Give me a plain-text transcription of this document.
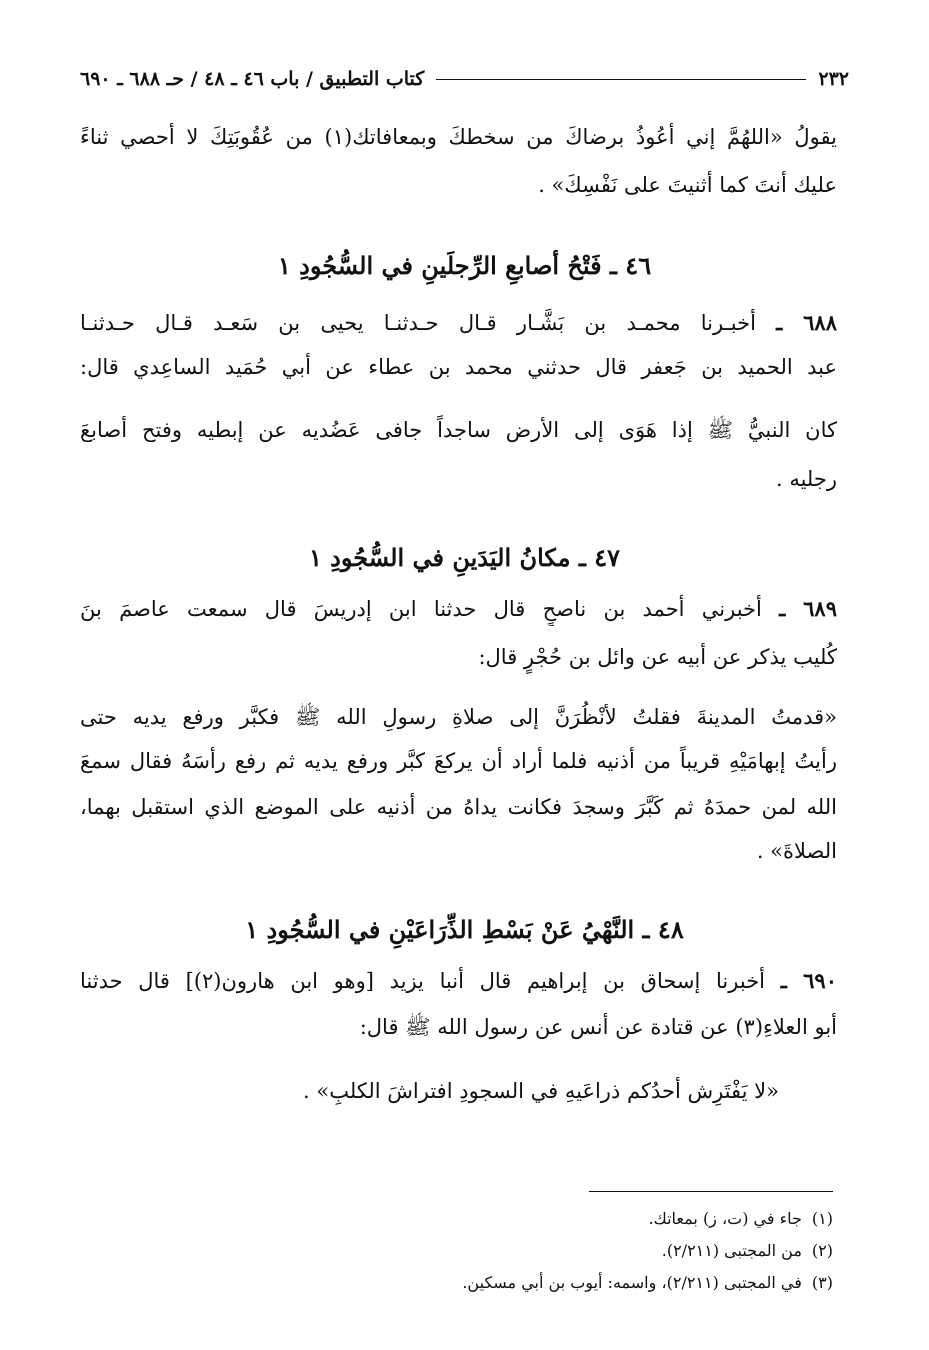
٢٣٢
كتاب التطبيق / باب ٤٦ ـ ٤٨ / حـ ٦٨٨ ـ ٦٩٠
يقولُ «اللهُمَّ إني أعُوذُ برضاكَ من سخطكَ وبمعافاتك(١) من عُقُوبَتِكَ لا أحصي ثناءً
عليك أنتَ كما أثنيتَ على نَفْسِكَ» .
٤٦ ـ فَتْحُ أصابعِ الرِّجلَينِ في السُّجُودِ ١
٦٨٨ ـ أخبـرنا محمـد بن بَشَّـار قـال حـدثنـا يحيى بن سَعـد قـال حـدثنـا
عبد الحميد بن جَعفر قال حدثني محمد بن عطاء عن أبي حُمَيد الساعِدي قال:
كان النبيُّ ﷺ إذا هَوَى إلى الأرض ساجداً جافى عَضُديه عن إبطيه وفتح أصابعَ
رجليه .
٤٧ ـ مكانُ اليَدَينِ في السُّجُودِ ١
٦٨٩ ـ أخبرني أحمد بن ناصحٍ قال حدثنا ابن إدريسَ قال سمعت عاصمَ بنَ
كُليب يذكر عن أبيه عن وائل بن حُجْرٍ قال:
«قدمتُ المدينةَ فقلتُ لأنْظُرَنَّ إلى صلاةِ رسولِ الله ﷺ فكبَّر ورفع يديه حتى
رأيتُ إبهامَيْهِ قريباً من أذنيه فلما أراد أن يركعَ كبَّر ورفع يديه ثم رفع رأسَهُ فقال سمعَ
الله لمن حمدَهُ ثم كَبَّرَ وسجدَ فكانت يداهُ من أذنيه على الموضع الذي استقبل بهما،
الصلاةَ» .
٤٨ ـ النَّهْيُ عَنْ بَسْطِ الذِّرَاعَيْنِ في السُّجُودِ ١
٦٩٠ ـ أخبرنا إسحاق بن إبراهيم قال أنبا يزيد [وهو ابن هارون(٢)] قال حدثنا
أبو العلاءِ(٣) عن قتادة عن أنس عن رسول الله ﷺ قال:
«لا يَفْتَرِش أحدُكم ذراعَيهِ في السجودِ افتراشَ الكلبِ» .
(١)جاء في (ت، ز) بمعاتك.
(٢)من المجتبى (٢/٢١١).
(٣)في المجتبى (٢/٢١١)، واسمه: أيوب بن أبي مسكين.
